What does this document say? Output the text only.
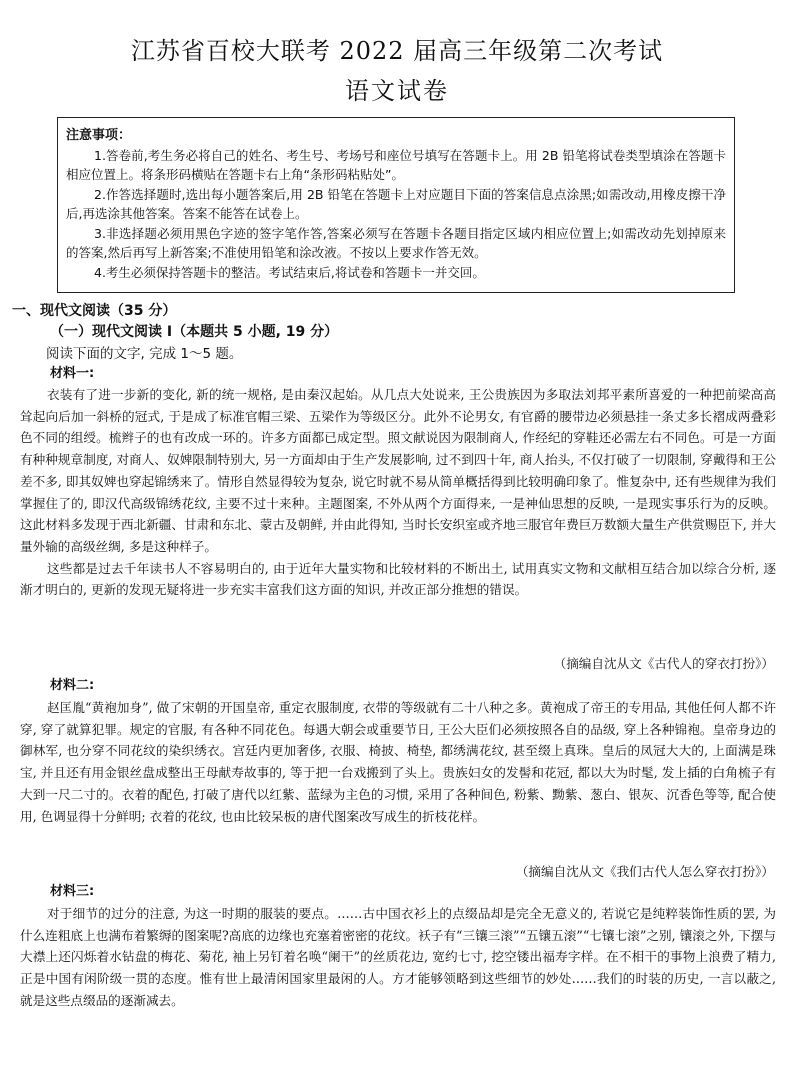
江苏省百校大联考 2022 届高三年级第二次考试
语文试卷
注意事项：

1.答卷前,考生务必将自己的姓名、考生号、考场号和座位号填写在答题卡上。用 2B 铅笔将试卷类型填涂在答题卡相应位置上。将条形码横贴在答题卡右上角“条形码粘贴处”。

2.作答选择题时,选出每小题答案后,用 2B 铅笔在答题卡上对应题目下面的答案信息点涂黑;如需改动,用橡皮擦干净后,再选涂其他答案。答案不能答在试卷上。

3.非选择题必须用黑色字迹的签字笔作答,答案必须写在答题卡各题目指定区域内相应位置上;如需改动先划掉原来的答案,然后再写上新答案;不准使用铅笔和涂改液。不按以上要求作答无效。

4.考生必须保持答题卡的整洁。考试结束后,将试卷和答题卡一并交回。

一、现代文阅读（35 分）
（一）现代文阅读 I（本题共 5 小题, 19 分）
阅读下面的文字, 完成 1～5 题。
材料一:

衣装有了进一步新的变化, 新的统一规格, 是由秦汉起始。从几点大处说来, 王公贵族因为多取法刘邦平素所喜爱的一种把前梁高高耸起向后加一斜桥的冠式, 于是成了标准官帽三梁、五梁作为等级区分。此外不论男女, 有官爵的腰带边必须悬挂一条丈多长褶成两叠彩色不同的组绶。梳辫子的也有改成一环的。许多方面都已成定型。照文献说因为限制商人, 作经纪的穿鞋还必需左右不同色。可是一方面有种种规章制度, 对商人、奴婢限制特别大, 另一方面却由于生产发展影响, 过不到四十年, 商人抬头, 不仅打破了一切限制, 穿戴得和王公差不多, 即其奴婢也穿起锦绣来了。情形自然显得较为复杂, 说它时就不易从简单概括得到比较明确印象了。惟复杂中, 还有些规律为我们掌握住了的, 即汉代高级锦绣花纹, 主要不过十来种。主题图案, 不外从两个方面得来, 一是神仙思想的反映, 一是现实事乐行为的反映。这此材料多发现于西北新疆、甘肃和东北、蒙古及朝鲜, 并由此得知, 当时长安织室或齐地三服官年费巨万数额大量生产供赏赐臣下, 并大量外输的高级丝绸, 多是这种样子。

这些都是过去千年读书人不容易明白的, 由于近年大量实物和比较材料的不断出土, 试用真实文物和文献相互结合加以综合分析, 逐渐才明白的, 更新的发现无疑将进一步充实丰富我们这方面的知识, 并改正部分推想的错误。

（摘编自沈从文《古代人的穿衣打扮》）
材料二:

赵匡胤“黄袍加身”, 做了宋朝的开国皇帝, 重定衣服制度, 衣带的等级就有二十八种之多。黄袍成了帝王的专用品, 其他任何人都不许穿, 穿了就算犯罪。规定的官服, 有各种不同花色。每遇大朝会或重要节日, 王公大臣们必须按照各自的品级, 穿上各种锦袍。皇帝身边的御林军, 也分穿不同花纹的染织绣衣。宫廷内更加奢侈, 衣服、椅披、椅垫, 都绣满花纹, 甚至缀上真珠。皇后的凤冠大大的, 上面满是珠宝, 并且还有用金银丝盘成整出王母献寿故事的, 等于把一台戏搬到了头上。贵族妇女的发髻和花冠, 都以大为时髦, 发上插的白角梳子有大到一尺二寸的。衣着的配色, 打破了唐代以红紫、蓝绿为主色的习惯, 采用了各种间色, 粉紫、黝紫、葱白、银灰、沉香色等等, 配合使用, 色调显得十分鲜明; 衣着的花纹, 也由比较呆板的唐代图案改写成生的折枝花样。

（摘编自沈从文《我们古代人怎么穿衣打扮》）
材料三:

对于细节的过分的注意, 为这一时期的服装的要点。……古中国衣衫上的点缀品却是完全无意义的, 若说它是纯粹装饰性质的罢, 为什么连粗底上也满布着繁缛的图案呢?高底的边缘也充塞着密密的花纹。袄子有“三镶三滚”“五镶五滚”“七镶七滚”之别, 镶滚之外, 下摆与大襟上还闪烁着水钻盘的梅花、菊花, 袖上另钉着名唤“阑干”的丝质花边, 宽约七寸, 挖空镂出福寿字样。在不相干的事物上浪费了精力, 正是中国有闲阶级一贯的态度。惟有世上最清闲国家里最闲的人。方才能够领略到这些细节的妙处……我们的时装的历史, 一言以蔽之, 就是这些点缀品的逐渐减去。
